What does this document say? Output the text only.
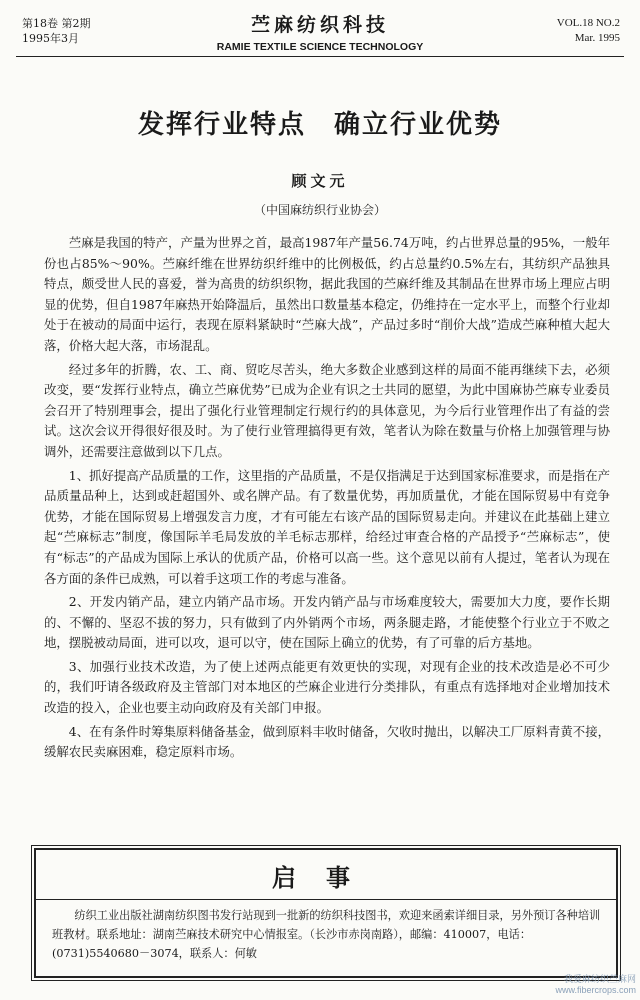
第18卷 第2期
1995年3月
苎麻纺织科技
RAMIE TEXTILE SCIENCE TECHNOLOGY
VOL.18 NO.2
Mar. 1995
发挥行业特点　确立行业优势
顾文元
（中国麻纺织行业协会）

苎麻是我国的特产，产量为世界之首，最高1987年产量56.74万吨，约占世界总量的95%，一般年份也占85%～90%。苎麻纤维在世界纺织纤维中的比例极低，约占总量约0.5%左右，其纺织产品独具特点，颇受世人民的喜爱，誉为高贵的纺织织物，据此我国的苎麻纤维及其制品在世界市场上理应占明显的优势，但自1987年麻热开始降温后，虽然出口数量基本稳定，仍维持在一定水平上，而整个行业却处于在被动的局面中运行，表现在原料紧缺时“苎麻大战”，产品过多时“削价大战”造成苎麻种植大起大落，价格大起大落，市场混乱。

经过多年的折腾，农、工、商、贸吃尽苦头，绝大多数企业感到这样的局面不能再继续下去，必须改变，要“发挥行业特点，确立苎麻优势”已成为企业有识之士共同的愿望，为此中国麻协苎麻专业委员会召开了特别理事会，提出了强化行业管理制定行规行约的具体意见，为今后行业管理作出了有益的尝试。这次会议开得很好很及时。为了使行业管理搞得更有效，笔者认为除在数量与价格上加强管理与协调外，还需要注意做到以下几点。

1、抓好提高产品质量的工作，这里指的产品质量，不是仅指满足于达到国家标准要求，而是指在产品质量品种上，达到或赶超国外、或名牌产品。有了数量优势，再加质量优，才能在国际贸易中有竞争优势，才能在国际贸易上增强发言力度，才有可能左右该产品的国际贸易走向。并建议在此基础上建立起“苎麻标志”制度，像国际羊毛局发放的羊毛标志那样，给经过审查合格的产品授予“苎麻标志”，使有“标志”的产品成为国际上承认的优质产品，价格可以高一些。这个意见以前有人提过，笔者认为现在各方面的条件已成熟，可以着手这项工作的考虑与准备。

2、开发内销产品，建立内销产品市场。开发内销产品与市场难度较大，需要加大力度，要作长期的、不懈的、坚忍不拔的努力，只有做到了内外销两个市场，两条腿走路，才能使整个行业立于不败之地，摆脱被动局面，进可以攻，退可以守，使在国际上确立的优势，有了可靠的后方基地。

3、加强行业技术改造，为了使上述两点能更有效更快的实现，对现有企业的技术改造是必不可少的，我们吁请各级政府及主管部门对本地区的苎麻企业进行分类排队，有重点有选择地对企业增加技术改造的投入，企业也要主动向政府及有关部门申报。

4、在有条件时筹集原料储备基金，做到原料丰收时储备，欠收时抛出，以解决工厂原料青黄不接，缓解农民卖麻困难，稳定原料市场。

启事
纺织工业出版社湖南纺织图书发行站现到一批新的纺织科技图书，欢迎来函索详细目录，另外预订各种培训班教材。联系地址：湖南苎麻技术研究中心情报室。（长沙市赤岗南路），邮编：410007，电话：(0731)5540680－3074，联系人：何敏
我爱麻纺织苎麻网
www.fibercrops.com
